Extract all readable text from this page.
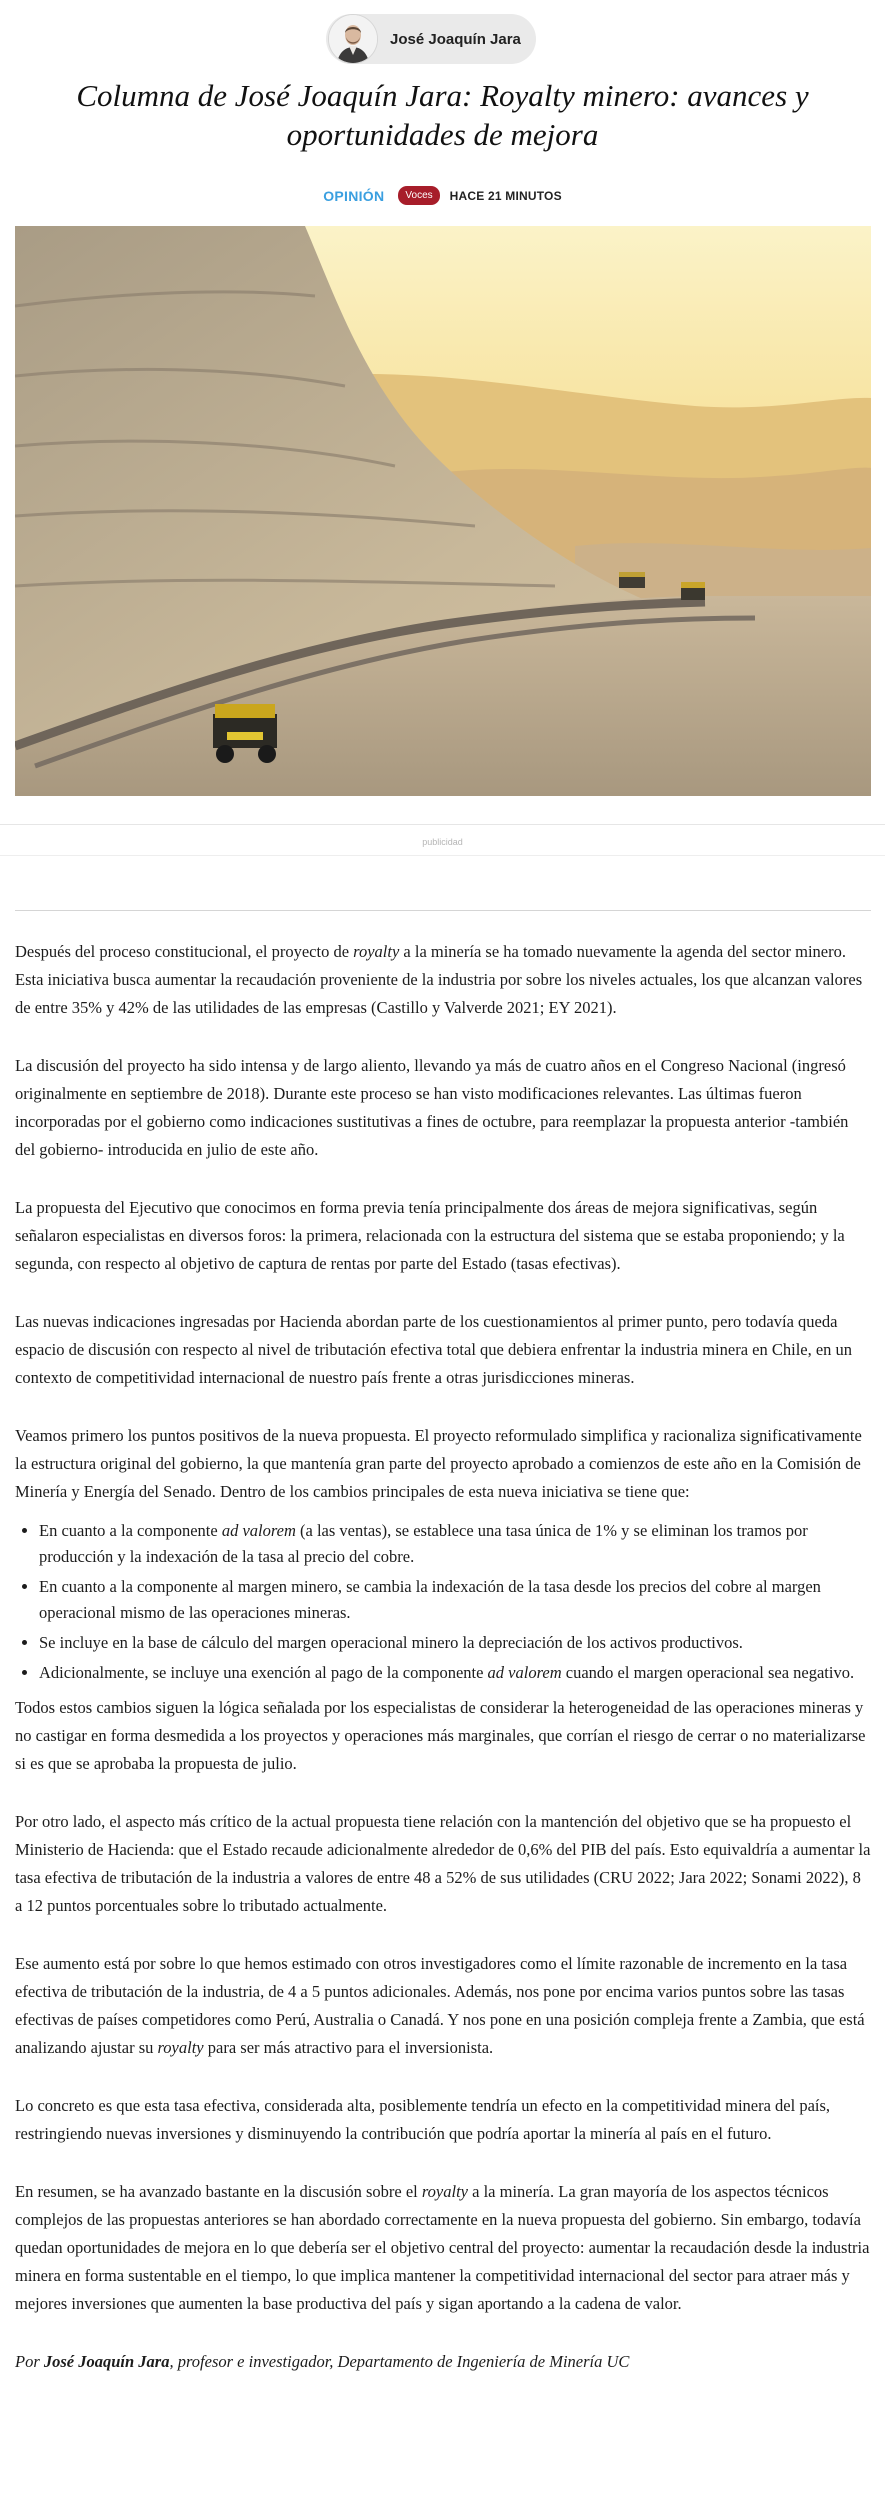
José Joaquín Jara
Columna de José Joaquín Jara: Royalty minero: avances y oportunidades de mejora
OPINIÓN	Voces	HACE 21 MINUTOS
publicidad

Después del proceso constitucional, el proyecto de royalty a la minería se ha tomado nuevamente la agenda del sector minero. Esta iniciativa busca aumentar la recaudación proveniente de la industria por sobre los niveles actuales, los que alcanzan valores de entre 35% y 42% de las utilidades de las empresas (Castillo y Valverde 2021; EY 2021).

La discusión del proyecto ha sido intensa y de largo aliento, llevando ya más de cuatro años en el Congreso Nacional (ingresó originalmente en septiembre de 2018). Durante este proceso se han visto modificaciones relevantes. Las últimas fueron incorporadas por el gobierno como indicaciones sustitutivas a fines de octubre, para reemplazar la propuesta anterior -también del gobierno- introducida en julio de este año.

La propuesta del Ejecutivo que conocimos en forma previa tenía principalmente dos áreas de mejora significativas, según señalaron especialistas en diversos foros: la primera, relacionada con la estructura del sistema que se estaba proponiendo; y la segunda, con respecto al objetivo de captura de rentas por parte del Estado (tasas efectivas).

Las nuevas indicaciones ingresadas por Hacienda abordan parte de los cuestionamientos al primer punto, pero todavía queda espacio de discusión con respecto al nivel de tributación efectiva total que debiera enfrentar la industria minera en Chile, en un contexto de competitividad internacional de nuestro país frente a otras jurisdicciones mineras.

Veamos primero los puntos positivos de la nueva propuesta. El proyecto reformulado simplifica y racionaliza significativamente la estructura original del gobierno, la que mantenía gran parte del proyecto aprobado a comienzos de este año en la Comisión de Minería y Energía del Senado. Dentro de los cambios principales de esta nueva iniciativa se tiene que:

• En cuanto a la componente ad valorem (a las ventas), se establece una tasa única de 1% y se eliminan los tramos por producción y la indexación de la tasa al precio del cobre.
• En cuanto a la componente al margen minero, se cambia la indexación de la tasa desde los precios del cobre al margen operacional mismo de las operaciones mineras.
• Se incluye en la base de cálculo del margen operacional minero la depreciación de los activos productivos.
• Adicionalmente, se incluye una exención al pago de la componente ad valorem cuando el margen operacional sea negativo.

Todos estos cambios siguen la lógica señalada por los especialistas de considerar la heterogeneidad de las operaciones mineras y no castigar en forma desmedida a los proyectos y operaciones más marginales, que corrían el riesgo de cerrar o no materializarse si es que se aprobaba la propuesta de julio.

Por otro lado, el aspecto más crítico de la actual propuesta tiene relación con la mantención del objetivo que se ha propuesto el Ministerio de Hacienda: que el Estado recaude adicionalmente alrededor de 0,6% del PIB del país. Esto equivaldría a aumentar la tasa efectiva de tributación de la industria a valores de entre 48 a 52% de sus utilidades (CRU 2022; Jara 2022; Sonami 2022), 8 a 12 puntos porcentuales sobre lo tributado actualmente.

Ese aumento está por sobre lo que hemos estimado con otros investigadores como el límite razonable de incremento en la tasa efectiva de tributación de la industria, de 4 a 5 puntos adicionales. Además, nos pone por encima varios puntos sobre las tasas efectivas de países competidores como Perú, Australia o Canadá. Y nos pone en una posición compleja frente a Zambia, que está analizando ajustar su royalty para ser más atractivo para el inversionista.

Lo concreto es que esta tasa efectiva, considerada alta, posiblemente tendría un efecto en la competitividad minera del país, restringiendo nuevas inversiones y disminuyendo la contribución que podría aportar la minería al país en el futuro.

En resumen, se ha avanzado bastante en la discusión sobre el royalty a la minería. La gran mayoría de los aspectos técnicos complejos de las propuestas anteriores se han abordado correctamente en la nueva propuesta del gobierno. Sin embargo, todavía quedan oportunidades de mejora en lo que debería ser el objetivo central del proyecto: aumentar la recaudación desde la industria minera en forma sustentable en el tiempo, lo que implica mantener la competitividad internacional del sector para atraer más y mejores inversiones que aumenten la base productiva del país y sigan aportando a la cadena de valor.

Por José Joaquín Jara, profesor e investigador, Departamento de Ingeniería de Minería UC
